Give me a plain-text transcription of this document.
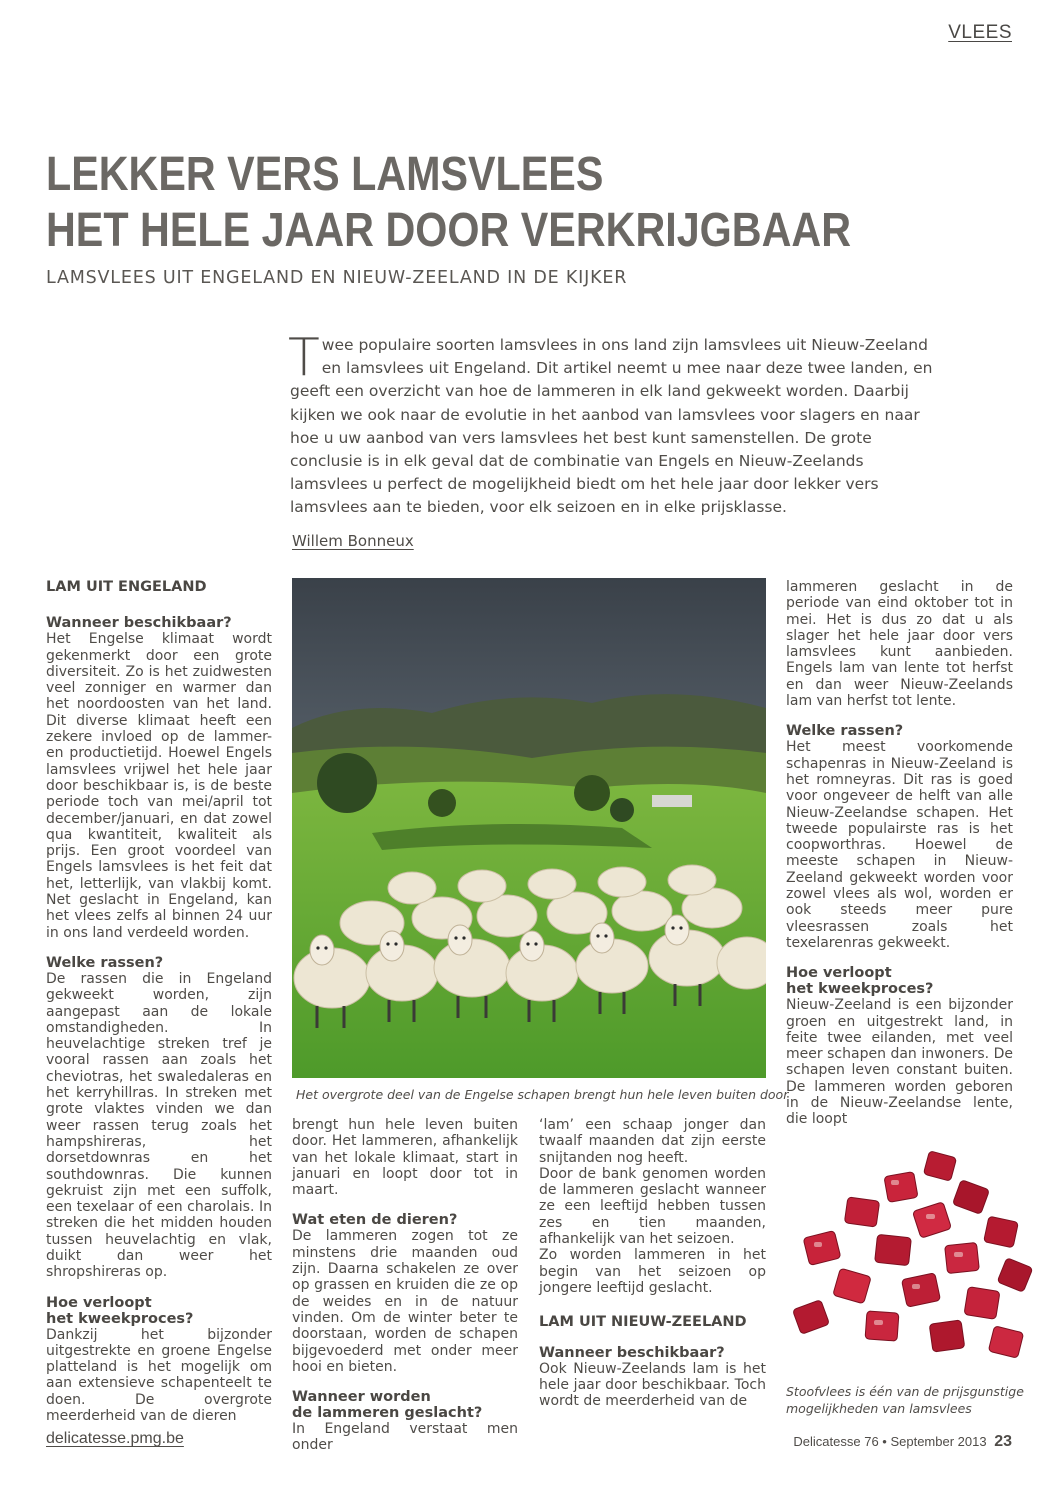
VLEES
LEKKER VERS LAMSVLEES
HET HELE JAAR DOOR VERKRIJGBAAR
LAMSVLEES UIT ENGELAND EN NIEUW-ZEELAND IN DE KIJKER
T wee populaire soorten lamsvlees in ons land zijn lamsvlees uit Nieuw-Zeeland en lamsvlees uit Engeland. Dit artikel neemt u mee naar deze twee landen, en geeft een overzicht van hoe de lammeren in elk land gekweekt worden. Daarbij kijken we ook naar de evolutie in het aanbod van lamsvlees voor slagers en naar hoe u uw aanbod van vers lamsvlees het best kunt samenstellen. De grote conclusie is in elk geval dat de combinatie van Engels en Nieuw-Zeelands lamsvlees u perfect de mogelijkheid biedt om het hele jaar door lekker vers lamsvlees aan te bieden, voor elk seizoen en in elke prijsklasse.
Willem Bonneux
LAM UIT ENGELAND
Wanneer beschikbaar?

Het Engelse klimaat wordt gekenmerkt door een grote diversiteit. Zo is het zuidwesten veel zonniger en warmer dan het noordoosten van het land. Dit diverse klimaat heeft een zekere invloed op de lammer- en productietijd. Hoewel Engels lamsvlees vrijwel het hele jaar door beschikbaar is, is de beste periode toch van mei/april tot december/januari, en dat zowel qua kwantiteit, kwaliteit als prijs. Een groot voordeel van Engels lamsvlees is het feit dat het, letterlijk, van vlakbij komt. Net geslacht in Engeland, kan het vlees zelfs al binnen 24 uur in ons land verdeeld worden.

Welke rassen?

De rassen die in Engeland gekweekt worden, zijn aangepast aan de lokale omstandigheden. In heuvelachtige streken tref je vooral rassen aan zoals het cheviotras, het swaledaleras en het kerryhillras. In streken met grote vlaktes vinden we dan weer rassen terug zoals het hampshireras, het dorsetdownras en het southdownras. Die kunnen gekruist zijn met een suffolk, een texelaar of een charolais. In streken die het midden houden tussen heuvelachtig en vlak, duikt dan weer het shropshireras op.

Hoe verloopt
het kweekproces?

Dankzij het bijzonder uitgestrekte en groene Engelse platteland is het mogelijk om aan extensieve schapenteelt te doen. De overgrote meerderheid van de dieren

Het overgrote deel van de Engelse schapen brengt hun hele leven buiten door

brengt hun hele leven buiten door. Het lammeren, afhankelijk van het lokale klimaat, start in januari en loopt door tot in maart.

Wat eten de dieren?

De lammeren zogen tot ze minstens drie maanden oud zijn. Daarna schakelen ze over op grassen en kruiden die ze op de weides en in de natuur vinden. Om de winter beter te doorstaan, worden de schapen bijgevoederd met onder meer hooi en bieten.

Wanneer worden
de lammeren geslacht?

In Engeland verstaat men onder

‘lam’ een schaap jonger dan twaalf maanden dat zijn eerste snijtanden nog heeft.

Door de bank genomen worden de lammeren geslacht wanneer ze een leeftijd hebben tussen zes en tien maanden, afhankelijk van het seizoen.

Zo worden lammeren in het begin van het seizoen op jongere leeftijd geslacht.

LAM UIT NIEUW-ZEELAND
Wanneer beschikbaar?

Ook Nieuw-Zeelands lam is het hele jaar door beschikbaar. Toch wordt de meerderheid van de

lammeren geslacht in de periode van eind oktober tot in mei. Het is dus zo dat u als slager het hele jaar door vers lamsvlees kunt aanbieden. Engels lam van lente tot herfst en dan weer Nieuw-Zeelands lam van herfst tot lente.

Welke rassen?

Het meest voorkomende schapenras in Nieuw-Zeeland is het romneyras. Dit ras is goed voor ongeveer de helft van alle Nieuw-Zeelandse schapen. Het tweede populairste ras is het coopworthras. Hoewel de meeste schapen in Nieuw-Zeeland gekweekt worden voor zowel vlees als wol, worden er ook steeds meer pure vleesrassen zoals het texelarenras gekweekt.

Hoe verloopt
het kweekproces?

Nieuw-Zeeland is een bijzonder groen en uitgestrekt land, in feite twee eilanden, met veel meer schapen dan inwoners. De schapen leven constant buiten. De lammeren worden geboren in de Nieuw-Zeelandse lente, die loopt

Stoofvlees is één van de prijsgunstige mogelijkheden van lamsvlees
delicatesse.pmg.be	Delicatesse 76 • September 2013 23
